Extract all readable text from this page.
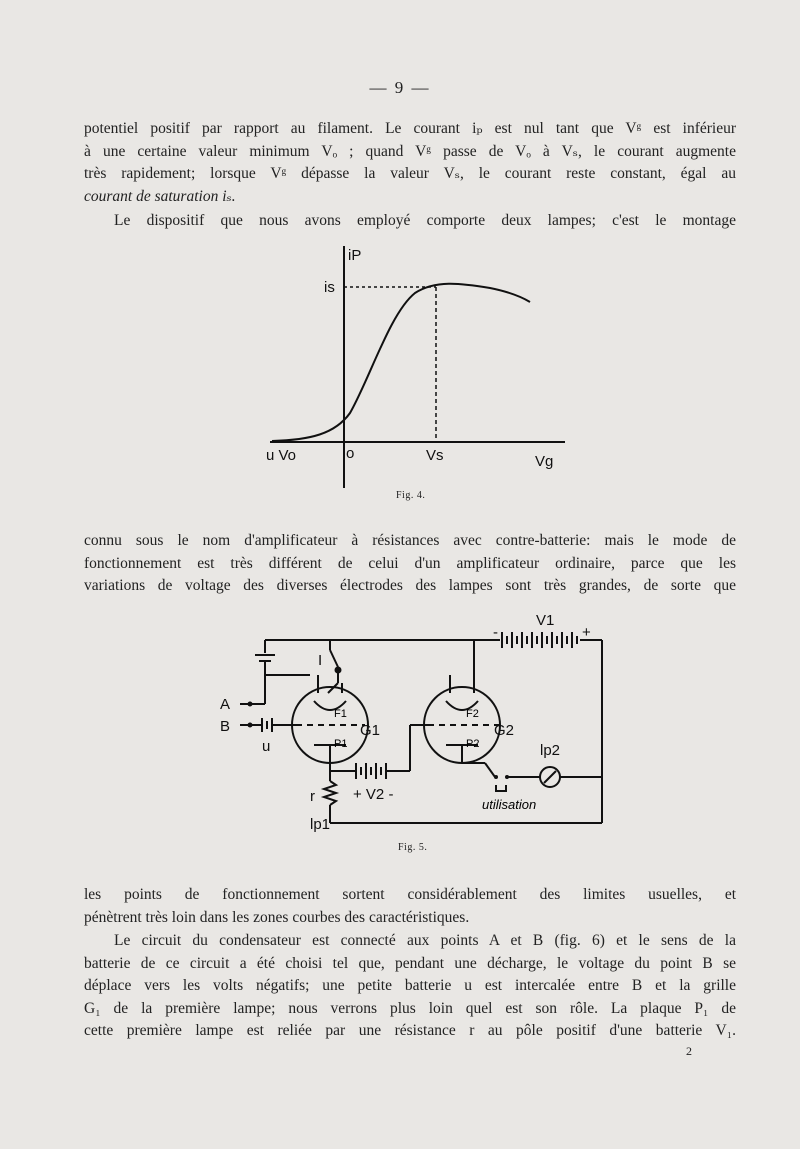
— 9 —
potentiel positif par rapport au filament. Le courant iₚ est nul tant que Vᵍ est inférieur
à une certaine valeur minimum Vₒ ; quand Vᵍ passe de Vₒ à Vₛ, le courant augmente
très rapidement; lorsque Vᵍ dépasse la valeur Vₛ, le courant reste constant, égal au
courant de saturation iₛ.
Le dispositif que nous avons employé comporte deux lampes; c'est le montage
iP
is
u Vo	o	Vs	Vg
Fig. 4.
connu sous le nom d'amplificateur à résistances avec contre-batterie: mais le mode de
fonctionnement est très différent de celui d'un amplificateur ordinaire, parce que les
variations de voltage des diverses électrodes des lampes sont très grandes, de sorte que
V1
-	+
I
A
B
u
F1
G1
P1
F2
G2
P2
+ V2 -
r
lp1
lp2
utilisation
Fig. 5.
les points de fonctionnement sortent considérablement des limites usuelles, et
pénètrent très loin dans les zones courbes des caractéristiques.
Le circuit du condensateur est connecté aux points A et B (fig. 6) et le sens de la
batterie de ce circuit a été choisi tel que, pendant une décharge, le voltage du point B se
déplace vers les volts négatifs; une petite batterie u est intercalée entre B et la grille
G₁ de la première lampe; nous verrons plus loin quel est son rôle. La plaque P₁ de
cette première lampe est reliée par une résistance r au pôle positif d'une batterie V₁.
2
